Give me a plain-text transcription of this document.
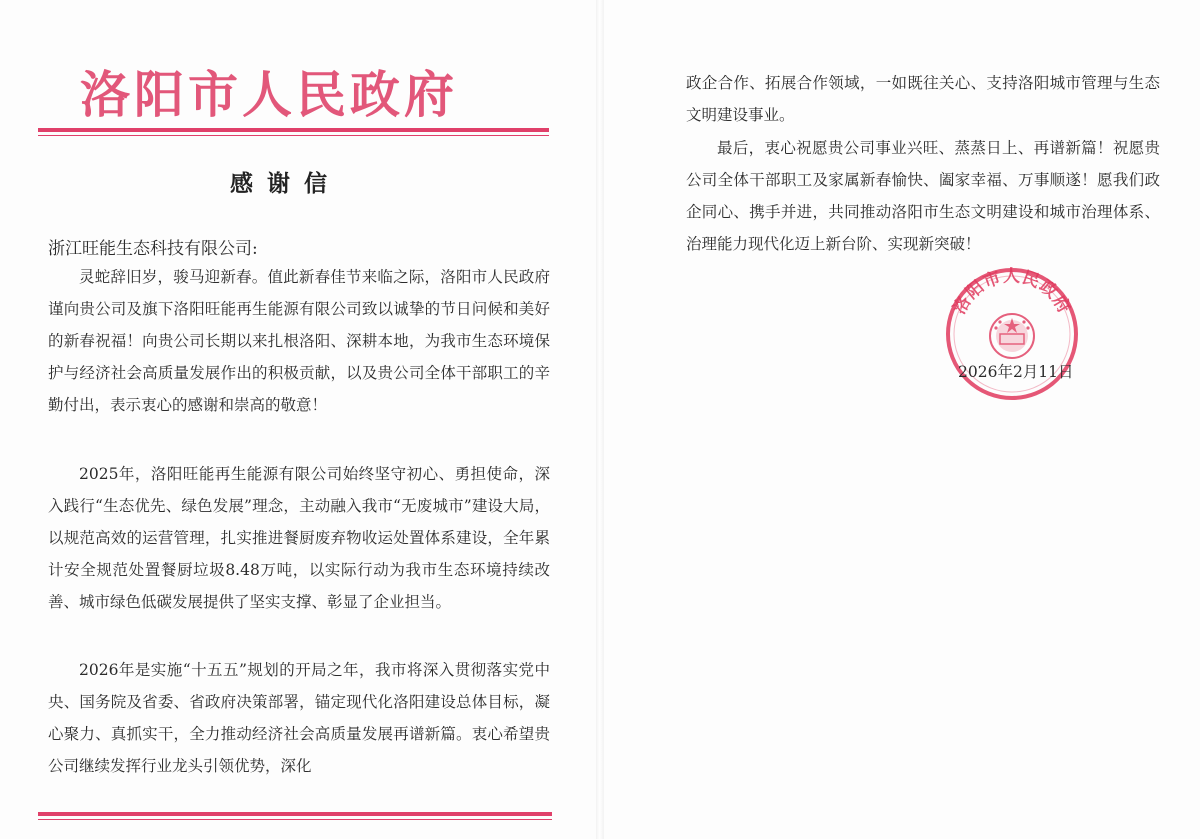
洛阳市人民政府
感谢信
浙江旺能生态科技有限公司:

灵蛇辞旧岁，骏马迎新春。值此新春佳节来临之际，洛阳市人民政府谨向贵公司及旗下洛阳旺能再生能源有限公司致以诚挚的节日问候和美好的新春祝福！向贵公司长期以来扎根洛阳、深耕本地，为我市生态环境保护与经济社会高质量发展作出的积极贡献，以及贵公司全体干部职工的辛勤付出，表示衷心的感谢和崇高的敬意！

2025年，洛阳旺能再生能源有限公司始终坚守初心、勇担使命，深入践行“生态优先、绿色发展”理念，主动融入我市“无废城市”建设大局，以规范高效的运营管理，扎实推进餐厨废弃物收运处置体系建设，全年累计安全规范处置餐厨垃圾8.48万吨，以实际行动为我市生态环境持续改善、城市绿色低碳发展提供了坚实支撑、彰显了企业担当。

2026年是实施“十五五”规划的开局之年，我市将深入贯彻落实党中央、国务院及省委、省政府决策部署，锚定现代化洛阳建设总体目标，凝心聚力、真抓实干，全力推动经济社会高质量发展再谱新篇。衷心希望贵公司继续发挥行业龙头引领优势，深化

政企合作、拓展合作领域，一如既往关心、支持洛阳城市管理与生态文明建设事业。

最后，衷心祝愿贵公司事业兴旺、蒸蒸日上、再谱新篇！祝愿贵公司全体干部职工及家属新春愉快、阖家幸福、万事顺遂！愿我们政企同心、携手并进，共同推动洛阳市生态文明建设和城市治理体系、治理能力现代化迈上新台阶、实现新突破！

洛阳市人民政府
2026年2月11日
